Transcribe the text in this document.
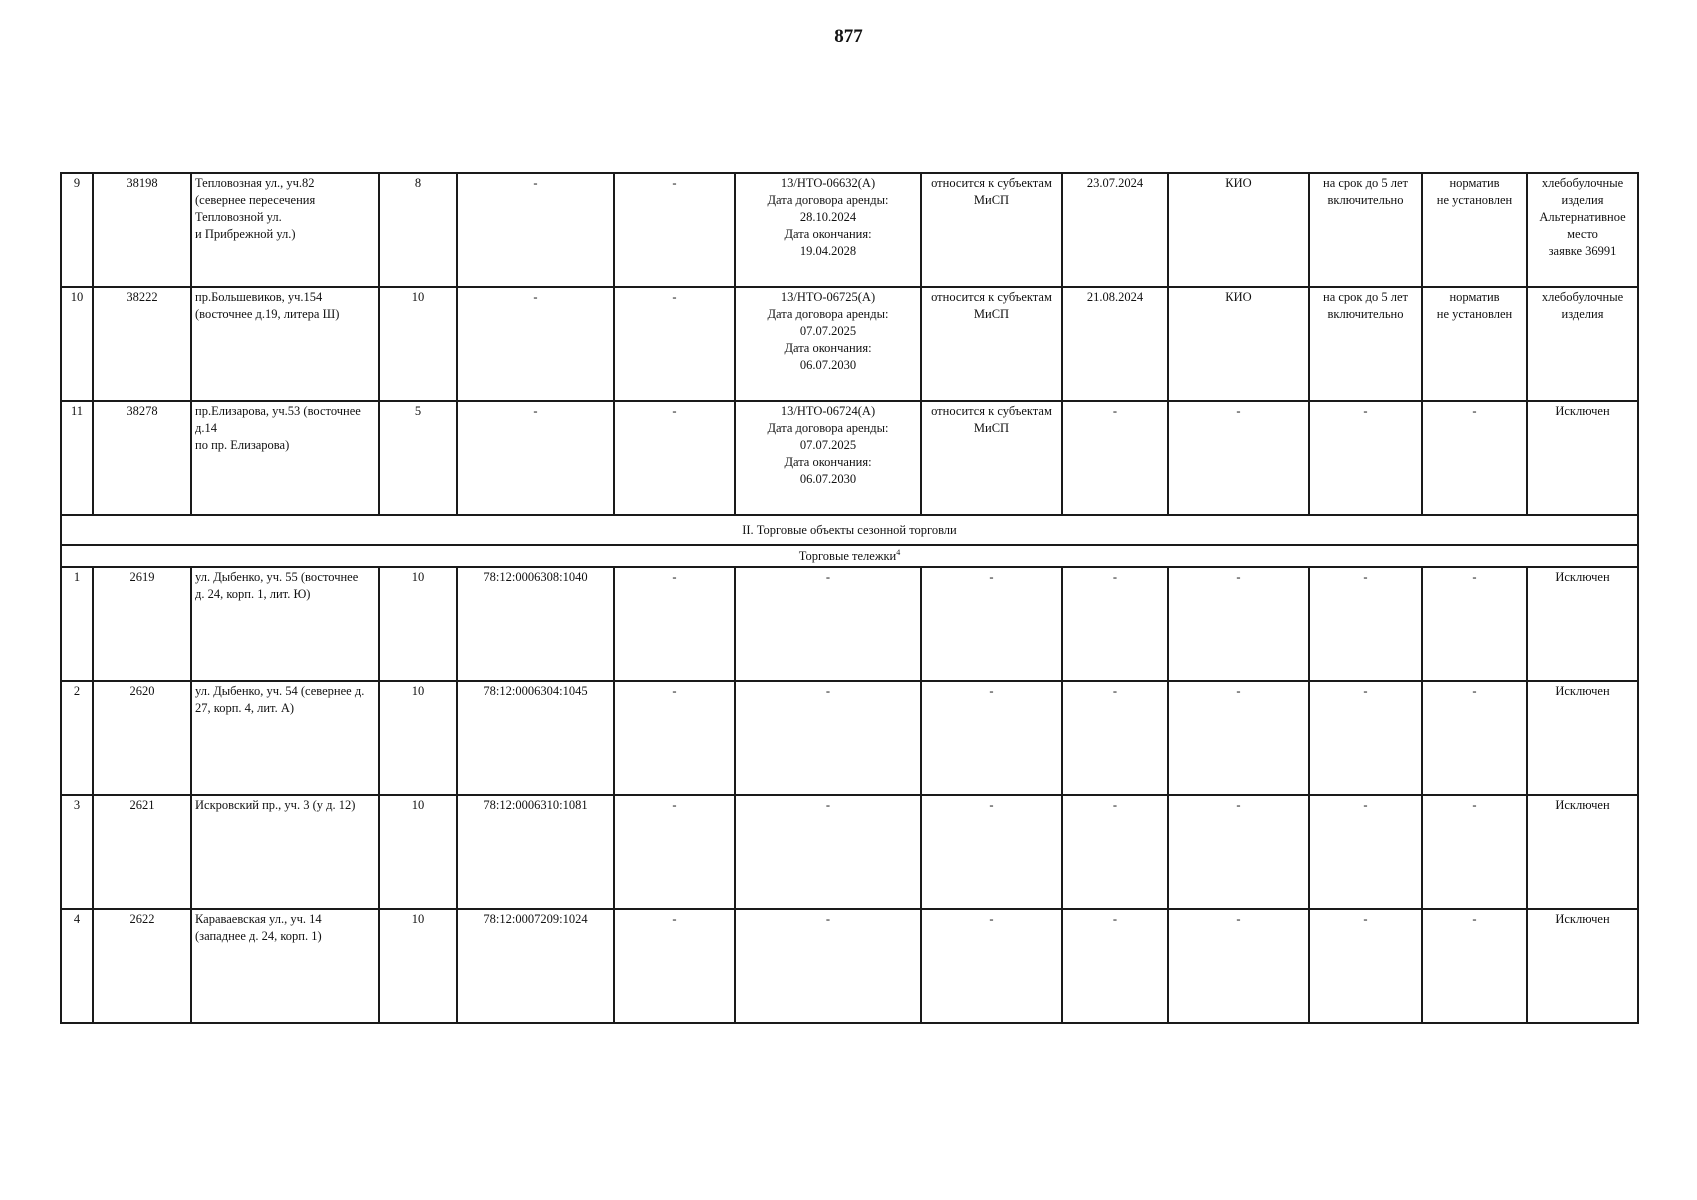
877
9	38198	Тепловозная ул., уч.82
(севернее пересечения
Тепловозной ул.
и Прибрежной ул.)	8	-	-	13/НТО-06632(А)
Дата договора аренды:
28.10.2024
Дата окончания:
19.04.2028	относится к субъектам
МиСП	23.07.2024	КИО	на срок до 5 лет
включительно	норматив
не установлен	хлебобулочные
изделия
Альтернативное
место
заявке 36991
10	38222	пр.Большевиков, уч.154
(восточнее д.19, литера Ш)	10	-	-	13/НТО-06725(А)
Дата договора аренды:
07.07.2025
Дата окончания:
06.07.2030	относится к субъектам
МиСП	21.08.2024	КИО	на срок до 5 лет
включительно	норматив
не установлен	хлебобулочные
изделия
11	38278	пр.Елизарова, уч.53 (восточнее
д.14
по пр. Елизарова)	5	-	-	13/НТО-06724(А)
Дата договора аренды:
07.07.2025
Дата окончания:
06.07.2030	относится к субъектам
МиСП	-	-	-	-	Исключен
II. Торговые объекты сезонной торговли												
Торговые тележки$^4$
1	2619	ул. Дыбенко, уч. 55 (восточнее
д. 24, корп. 1, лит. Ю)	10	78:12:0006308:1040	-	-	-	-	-	-	-	Исключен
2	2620	ул. Дыбенко, уч. 54 (севернее д.
27, корп. 4, лит. А)	10	78:12:0006304:1045	-	-	-	-	-	-	-	Исключен
3	2621	Искровский пр., уч. 3 (у д. 12)	10	78:12:0006310:1081	-	-	-	-	-	-	-	Исключен
4	2622	Караваевская ул., уч. 14
(западнее д. 24, корп. 1)	10	78:12:0007209:1024	-	-	-	-	-	-	-	Исключен
